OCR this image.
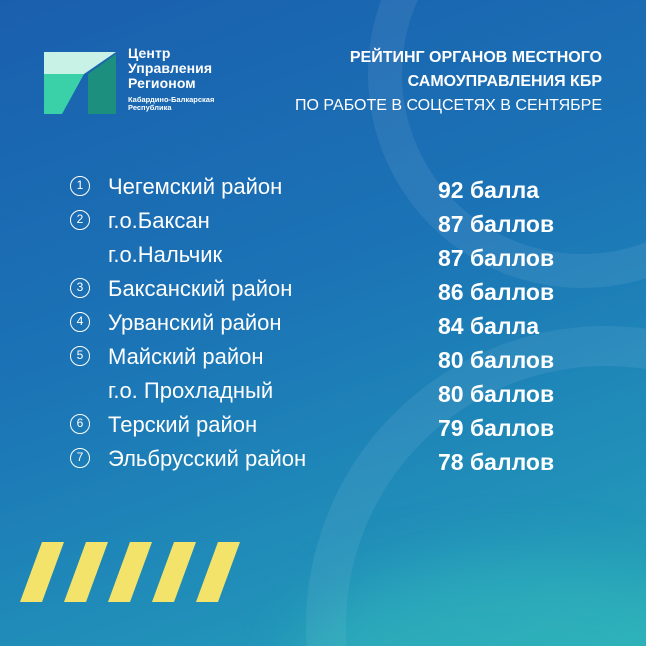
Центр
Управления
Регионом
Кабардино-Балкарская
Республика
РЕЙТИНГ ОРГАНОВ МЕСТНОГО
САМОУПРАВЛЕНИЯ КБР
ПО РАБОТЕ В СОЦСЕТЯХ В СЕНТЯБРЕ
1	Чегемский район	92 балла
2	г.о.Баксан	87 баллов
г.о.Нальчик	87 баллов
3	Баксанский район	86 баллов
4	Урванский район	84 балла
5	Майский район	80 баллов
г.о. Прохладный	80 баллов
6	Терский район	79 баллов
7	Эльбрусский район	78 баллов
